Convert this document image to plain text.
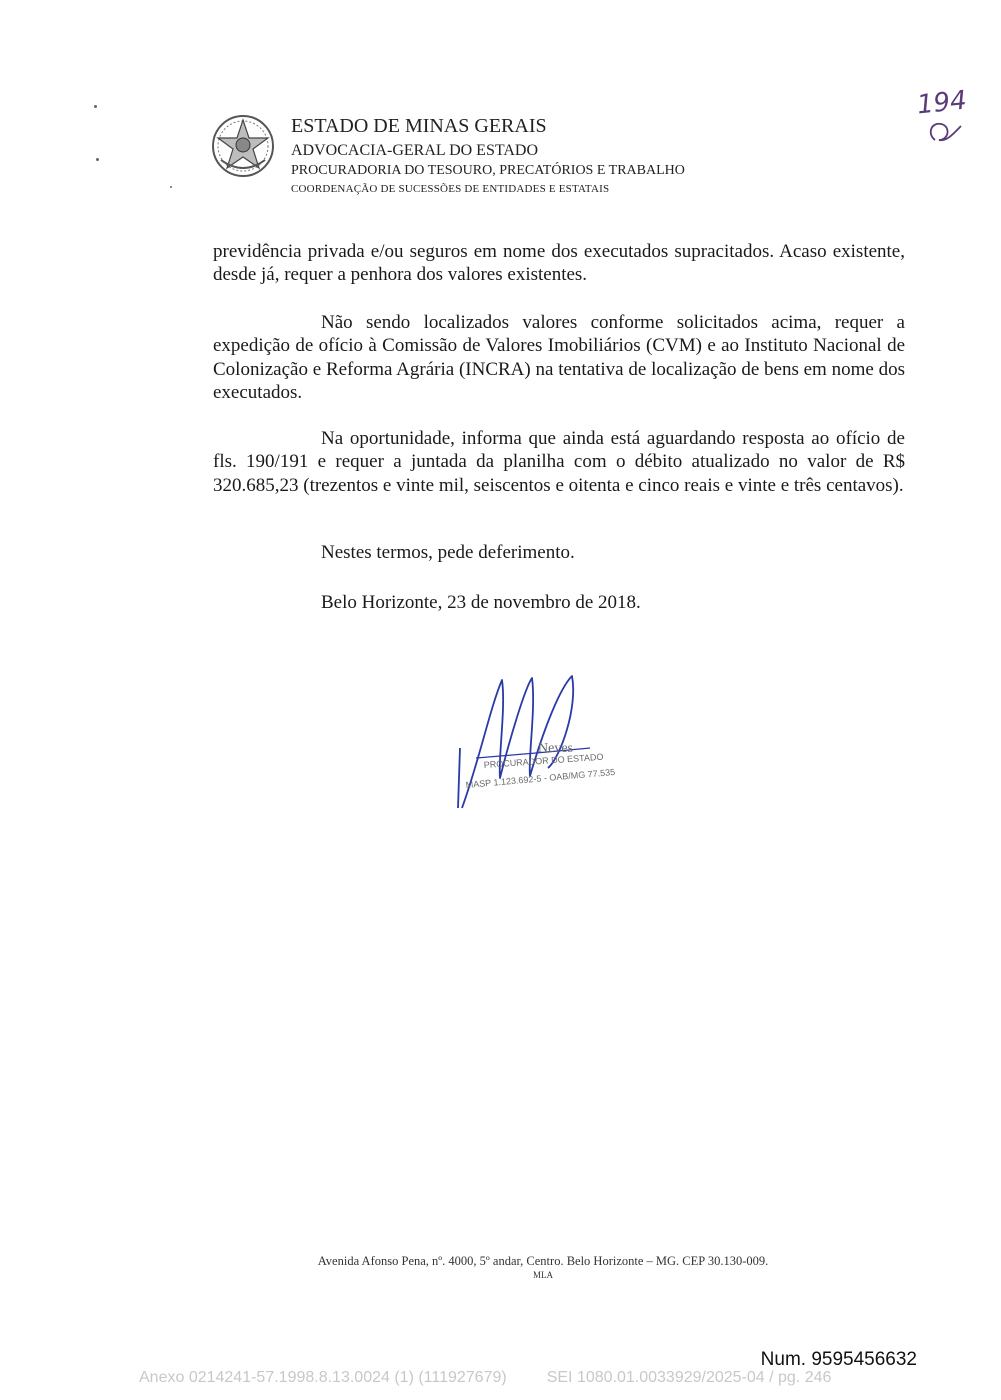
ESTADO DE MINAS GERAIS
ADVOCACIA-GERAL DO ESTADO
PROCURADORIA DO TESOURO, PRECATÓRIOS E TRABALHO
COORDENAÇÃO DE SUCESSÕES DE ENTIDADES E ESTATAIS
194

previdência privada e/ou seguros em nome dos executados supracitados. Acaso existente, desde já, requer a penhora dos valores existentes.

Não sendo localizados valores conforme solicitados acima, requer a expedição de ofício à Comissão de Valores Imobiliários (CVM) e ao Instituto Nacional de Colonização e Reforma Agrária (INCRA) na tentativa de localização de bens em nome dos executados.

Na oportunidade, informa que ainda está aguardando resposta ao ofício de fls. 190/191 e requer a juntada da planilha com o débito atualizado no valor de R$ 320.685,23 (trezentos e vinte mil, seiscentos e oitenta e cinco reais e vinte e três centavos).

Nestes termos, pede deferimento.

Belo Horizonte, 23 de novembro de 2018.

Neves
PROCURADOR DO ESTADO
MASP 1.123.692-5 - OAB/MG 77.535
Avenida Afonso Pena, nº. 4000, 5º andar, Centro. Belo Horizonte – MG. CEP 30.130-009.
MLA
Num. 9595456632
Anexo 0214241-57.1998.8.13.0024 (1) (111927679)	SEI 1080.01.0033929/2025-04 / pg. 246
